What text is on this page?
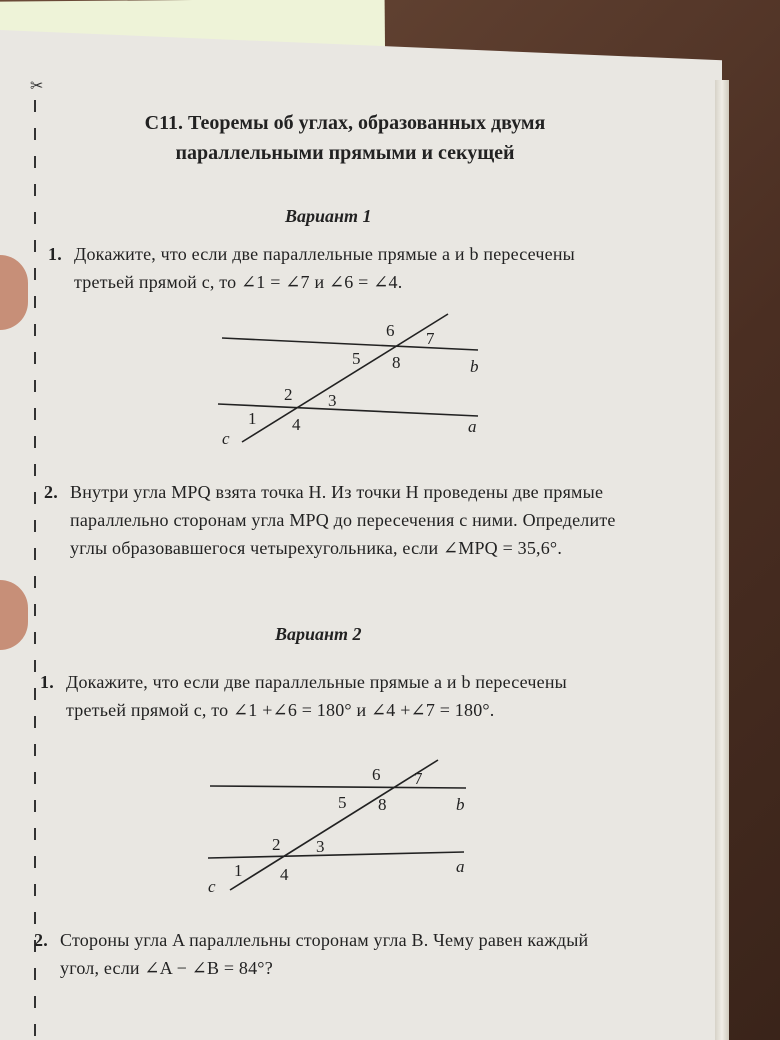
✂
С11. Теоремы об углах, образованных двумя параллельными прямыми и секущей
Вариант 1
1. Докажите, что если две параллельные прямые a и b пересечены третьей прямой c, то ∠1 = ∠7 и ∠6 = ∠4.
6 7
5 8	b
2 3
1 4	a
c
2. Внутри угла MPQ взята точка H. Из точки H проведены две прямые параллельно сторонам угла MPQ до пересечения с ними. Определите углы образовавшегося четырехугольника, если ∠MPQ = 35,6°.
Вариант 2
1. Докажите, что если две параллельные прямые a и b пересечены третьей прямой c, то ∠1 +∠6 = 180° и ∠4 +∠7 = 180°.
6 7
5 8	b
2 3
1 4	a
c
2. Стороны угла A параллельны сторонам угла B. Чему равен каждый угол, если ∠A − ∠B = 84°?
